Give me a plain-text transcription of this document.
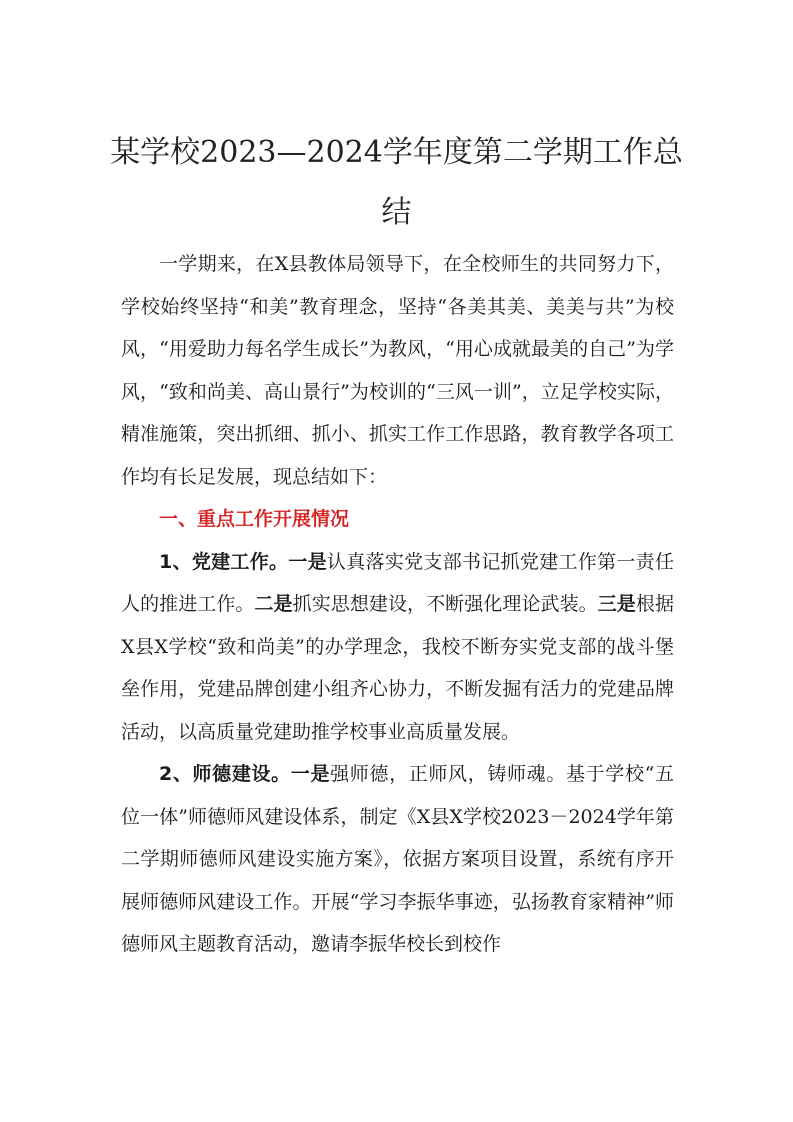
某学校2023—2024学年度第二学期工作总
结

一学期来，在X县教体局领导下，在全校师生的共同努力下，学校始终坚持“和美”教育理念，坚持“各美其美、美美与共”为校风，“用爱助力每名学生成长”为教风，“用心成就最美的自己”为学风，“致和尚美、高山景行”为校训的“三风一训”，立足学校实际，精准施策，突出抓细、抓小、抓实工作工作思路，教育教学各项工作均有长足发展，现总结如下：

一、重点工作开展情况

1、党建工作。一是认真落实党支部书记抓党建工作第一责任人的推进工作。二是抓实思想建设，不断强化理论武装。三是根据X县X学校“致和尚美”的办学理念，我校不断夯实党支部的战斗堡垒作用，党建品牌创建小组齐心协力，不断发掘有活力的党建品牌活动，以高质量党建助推学校事业高质量发展。

2、师德建设。一是强师德，正师风，铸师魂。基于学校“五位一体”师德师风建设体系，制定《X县X学校2023－2024学年第二学期师德师风建设实施方案》，依据方案项目设置，系统有序开展师德师风建设工作。开展“学习李振华事迹，弘扬教育家精神”师德师风主题教育活动，邀请李振华校长到校作
